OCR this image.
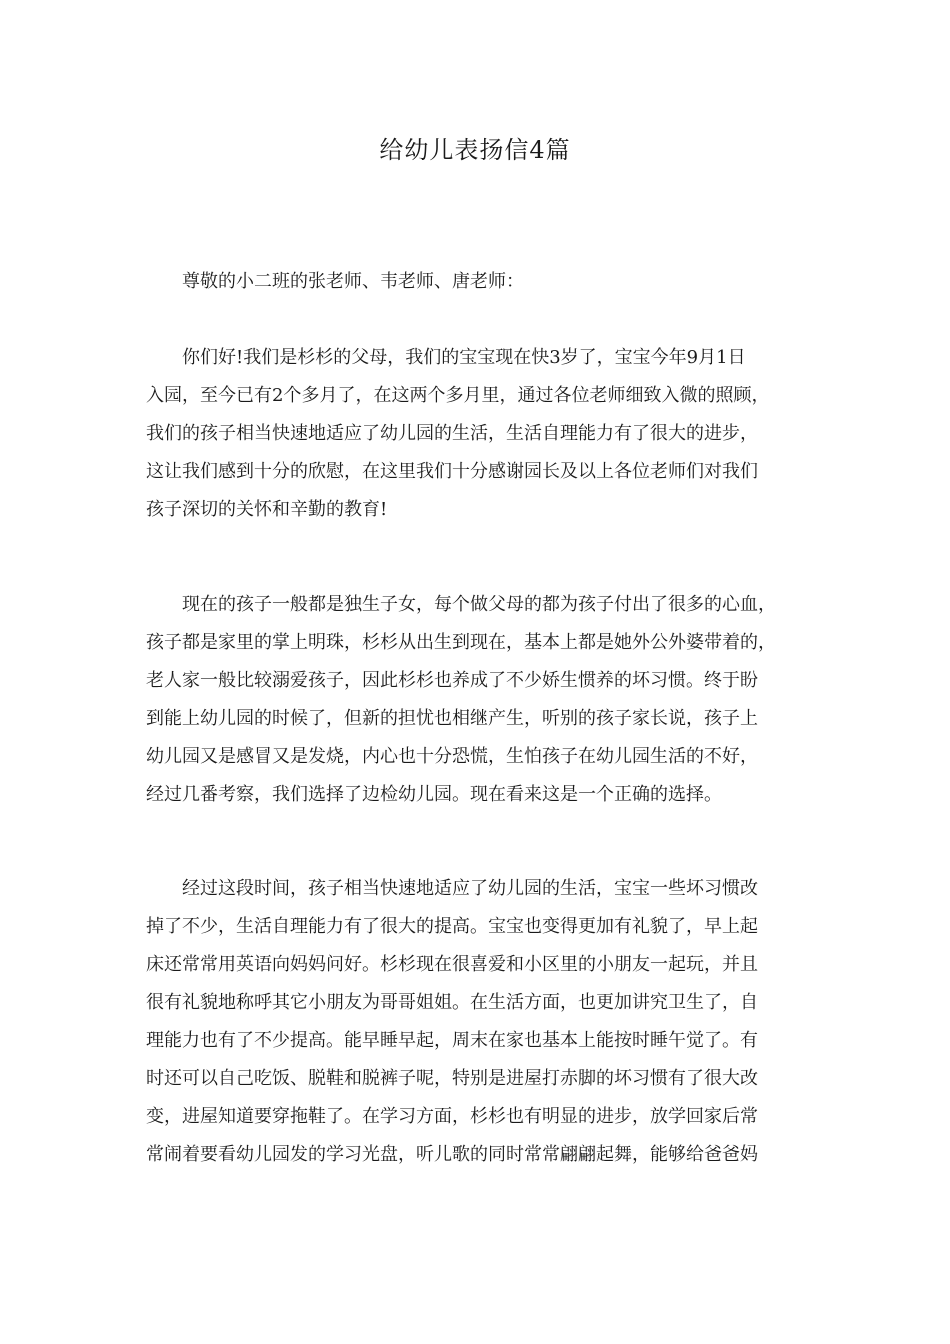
给幼儿表扬信4篇

尊敬的小二班的张老师、韦老师、唐老师：

你们好!我们是杉杉的父母，我们的宝宝现在快3岁了，宝宝今年9月1日
入园，至今已有2个多月了，在这两个多月里，通过各位老师细致入微的照顾，
我们的孩子相当快速地适应了幼儿园的生活，生活自理能力有了很大的进步，
这让我们感到十分的欣慰，在这里我们十分感谢园长及以上各位老师们对我们
孩子深切的关怀和辛勤的教育!

现在的孩子一般都是独生子女，每个做父母的都为孩子付出了很多的心血，
孩子都是家里的掌上明珠，杉杉从出生到现在，基本上都是她外公外婆带着的，
老人家一般比较溺爱孩子，因此杉杉也养成了不少娇生惯养的坏习惯。终于盼
到能上幼儿园的时候了，但新的担忧也相继产生，听别的孩子家长说，孩子上
幼儿园又是感冒又是发烧，内心也十分恐慌，生怕孩子在幼儿园生活的不好，
经过几番考察，我们选择了边检幼儿园。现在看来这是一个正确的选择。

经过这段时间，孩子相当快速地适应了幼儿园的生活，宝宝一些坏习惯改
掉了不少，生活自理能力有了很大的提高。宝宝也变得更加有礼貌了，早上起
床还常常用英语向妈妈问好。杉杉现在很喜爱和小区里的小朋友一起玩，并且
很有礼貌地称呼其它小朋友为哥哥姐姐。在生活方面，也更加讲究卫生了，自
理能力也有了不少提高。能早睡早起，周末在家也基本上能按时睡午觉了。有
时还可以自己吃饭、脱鞋和脱裤子呢，特别是进屋打赤脚的坏习惯有了很大改
变，进屋知道要穿拖鞋了。在学习方面，杉杉也有明显的进步，放学回家后常
常闹着要看幼儿园发的学习光盘，听儿歌的同时常常翩翩起舞，能够给爸爸妈
